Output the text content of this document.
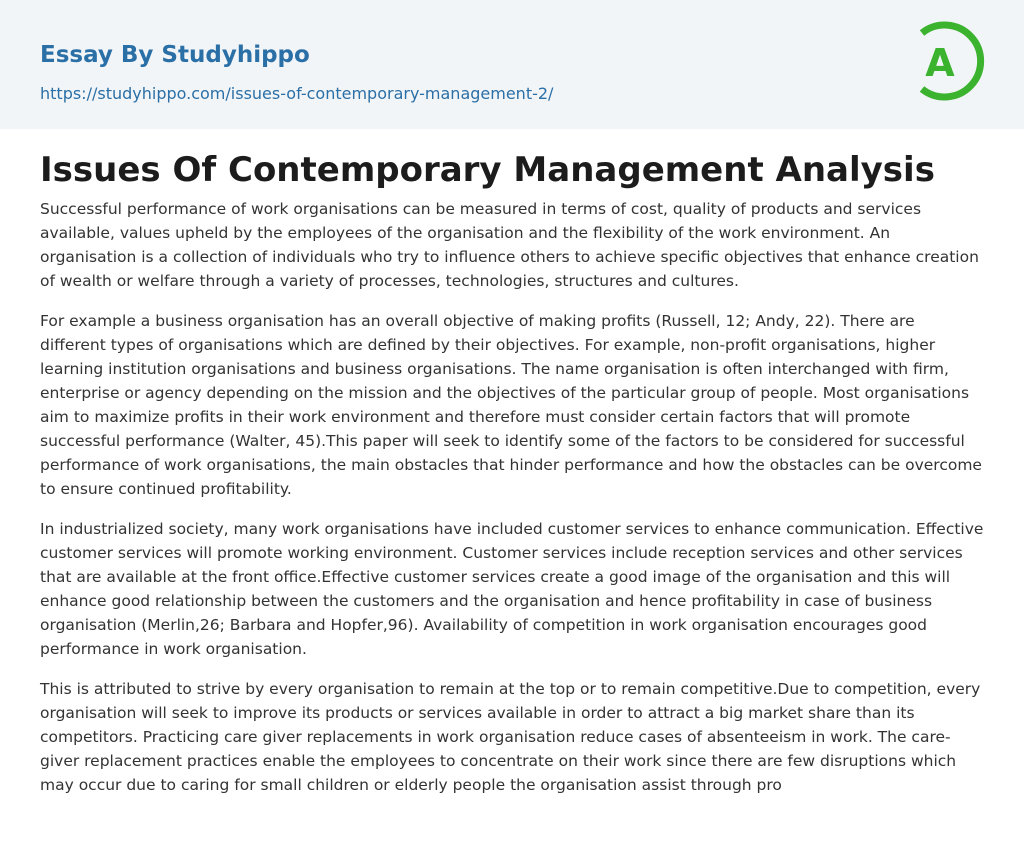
Essay By Studyhippo
https://studyhippo.com/issues-of-contemporary-management-2/
A
Issues Of Contemporary Management Analysis

Successful performance of work organisations can be measured in terms of cost, quality of products and services available, values upheld by the employees of the organisation and the flexibility of the work environment. An organisation is a collection of individuals who try to influence others to achieve specific objectives that enhance creation of wealth or welfare through a variety of processes, technologies, structures and cultures.

For example a business organisation has an overall objective of making profits (Russell, 12; Andy, 22). There are different types of organisations which are defined by their objectives. For example, non-profit organisations, higher learning institution organisations and business organisations. The name organisation is often interchanged with firm, enterprise or agency depending on the mission and the objectives of the particular group of people. Most organisations aim to maximize profits in their work environment and therefore must consider certain factors that will promote successful performance (Walter, 45).This paper will seek to identify some of the factors to be considered for successful performance of work organisations, the main obstacles that hinder performance and how the obstacles can be overcome to ensure continued profitability.

In industrialized society, many work organisations have included customer services to enhance communication. Effective customer services will promote working environment. Customer services include reception services and other services that are available at the front office.Effective customer services create a good image of the organisation and this will enhance good relationship between the customers and the organisation and hence profitability in case of business organisation (Merlin,26; Barbara and Hopfer,96). Availability of competition in work organisation encourages good performance in work organisation.

This is attributed to strive by every organisation to remain at the top or to remain competitive.Due to competition, every organisation will seek to improve its products or services available in order to attract a big market share than its competitors. Practicing care giver replacements in work organisation reduce cases of absenteeism in work. The care-giver replacement practices enable the employees to concentrate on their work since there are few disruptions which may occur due to caring for small children or elderly people the organisation assist through pro
